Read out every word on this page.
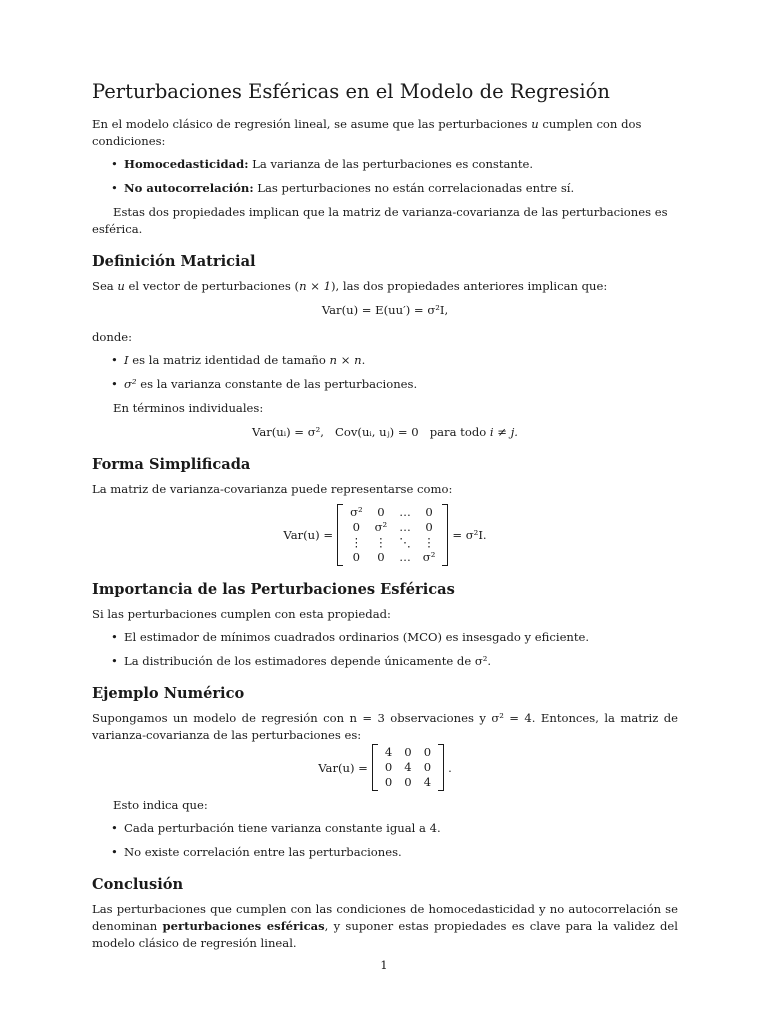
Perturbaciones Esféricas en el Modelo de Regresión

En el modelo clásico de regresión lineal, se asume que las perturbaciones u cumplen con dos condiciones:

• Homocedasticidad: La varianza de las perturbaciones es constante.
• No autocorrelación: Las perturbaciones no están correlacionadas entre sí.

Estas dos propiedades implican que la matriz de varianza-covarianza de las perturbaciones es esférica.

Definición Matricial

Sea u el vector de perturbaciones (n × 1), las dos propiedades anteriores implican que:

Var(u) = E(uu′) = σ²I,

donde:

• I es la matriz identidad de tamaño n × n.
• σ² es la varianza constante de las perturbaciones.

En términos individuales:

Var(uᵢ) = σ², Cov(uᵢ, uⱼ) = 0 para todo i ≠ j.
Forma Simplificada

La matriz de varianza-covarianza puede representarse como:

Var(u) =
σ²	0	…	0
0	σ²	…	0
⋮	⋮	⋱	⋮
0	0	…	σ²
= σ²I.
Importancia de las Perturbaciones Esféricas

Si las perturbaciones cumplen con esta propiedad:

• El estimador de mínimos cuadrados ordinarios (MCO) es insesgado y eficiente.
• La distribución de los estimadores depende únicamente de σ².
Ejemplo Numérico

Supongamos un modelo de regresión con n = 3 observaciones y σ² = 4. Entonces, la matriz de varianza-covarianza de las perturbaciones es:

Var(u) =
4	0	0
0	4	0
0	0	4
.

Esto indica que:

• Cada perturbación tiene varianza constante igual a 4.
• No existe correlación entre las perturbaciones.
Conclusión

Las perturbaciones que cumplen con las condiciones de homocedasticidad y no autocorrelación se denominan perturbaciones esféricas, y suponer estas propiedades es clave para la validez del modelo clásico de regresión lineal.

1
